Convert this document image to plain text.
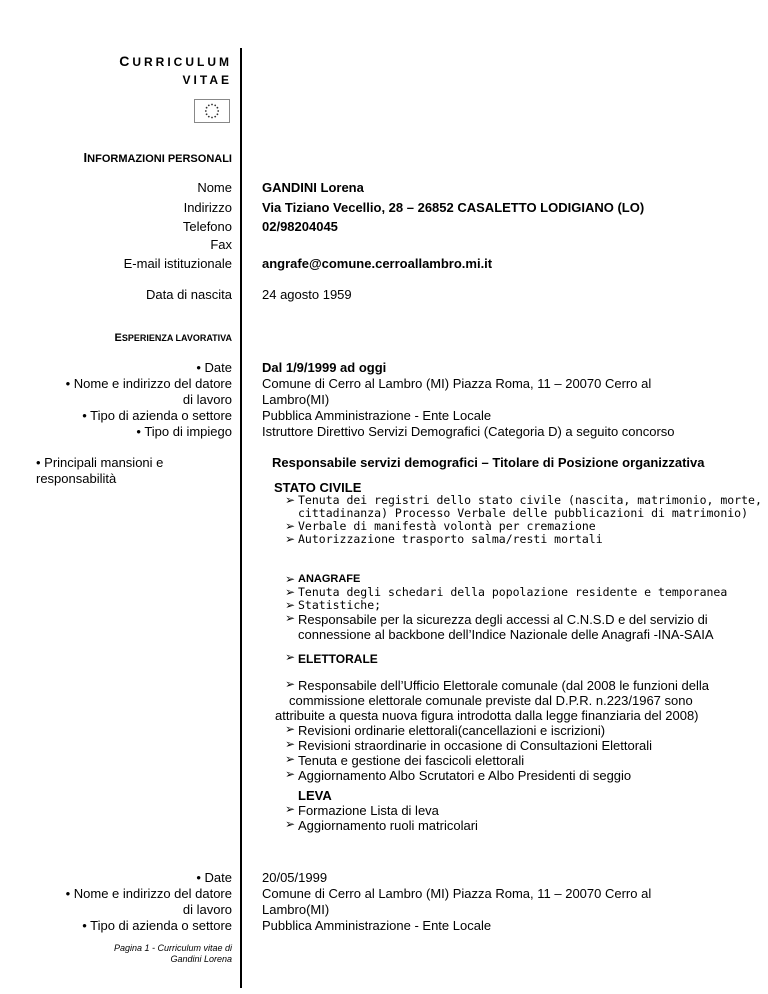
CURRICULUM
VITAE
INFORMAZIONI PERSONALI
Nome GANDINI Lorena
Indirizzo Via Tiziano Vecellio, 28 – 26852 CASALETTO LODIGIANO (LO)
Telefono 02/98204045
Fax
E-mail istituzionale angrafe@comune.cerroallambro.mi.it
Data di nascita 24 agosto 1959
ESPERIENZA LAVORATIVA
• Date
• Nome e indirizzo del datore
di lavoro
• Tipo di azienda o settore
• Tipo di impiego
Dal 1/9/1999 ad oggi
Comune di Cerro al Lambro (MI) Piazza Roma, 11 – 20070 Cerro al
Lambro(MI)
Pubblica Amministrazione - Ente Locale
Istruttore Direttivo Servizi Demografici (Categoria D) a seguito concorso
• Principali mansioni e
responsabilità
Responsabile servizi demografici – Titolare di Posizione organizzativa
STATO CIVILE
➢ Tenuta dei registri dello stato civile (nascita, matrimonio, morte,
cittadinanza) Processo Verbale delle pubblicazioni di matrimonio)
➢ Verbale di manifestà volontà per cremazione
➢ Autorizzazione trasporto salma/resti mortali
➢ ANAGRAFE
➢ Tenuta degli schedari della popolazione residente e temporanea
➢ Statistiche;
➢ Responsabile per la sicurezza degli accessi al C.N.S.D e del servizio di
connessione al backbone dell’Indice Nazionale delle Anagrafi -INA-SAIA
➢ ELETTORALE
➢ Responsabile dell’Ufficio Elettorale comunale (dal 2008 le funzioni della
commissione elettorale comunale previste dal D.P.R. n.223/1967 sono
attribuite a questa nuova figura introdotta dalla legge finanziaria del 2008)
➢ Revisioni ordinarie elettorali(cancellazioni e iscrizioni)
➢ Revisioni straordinarie in occasione di Consultazioni Elettorali
➢ Tenuta e gestione dei fascicoli elettorali
➢ Aggiornamento Albo Scrutatori e Albo Presidenti di seggio
LEVA
➢ Formazione Lista di leva
➢ Aggiornamento ruoli matricolari
• Date
• Nome e indirizzo del datore
di lavoro
• Tipo di azienda o settore
20/05/1999
Comune di Cerro al Lambro (MI) Piazza Roma, 11 – 20070 Cerro al
Lambro(MI)
Pubblica Amministrazione - Ente Locale
Pagina 1 - Curriculum vitae di
Gandini Lorena
